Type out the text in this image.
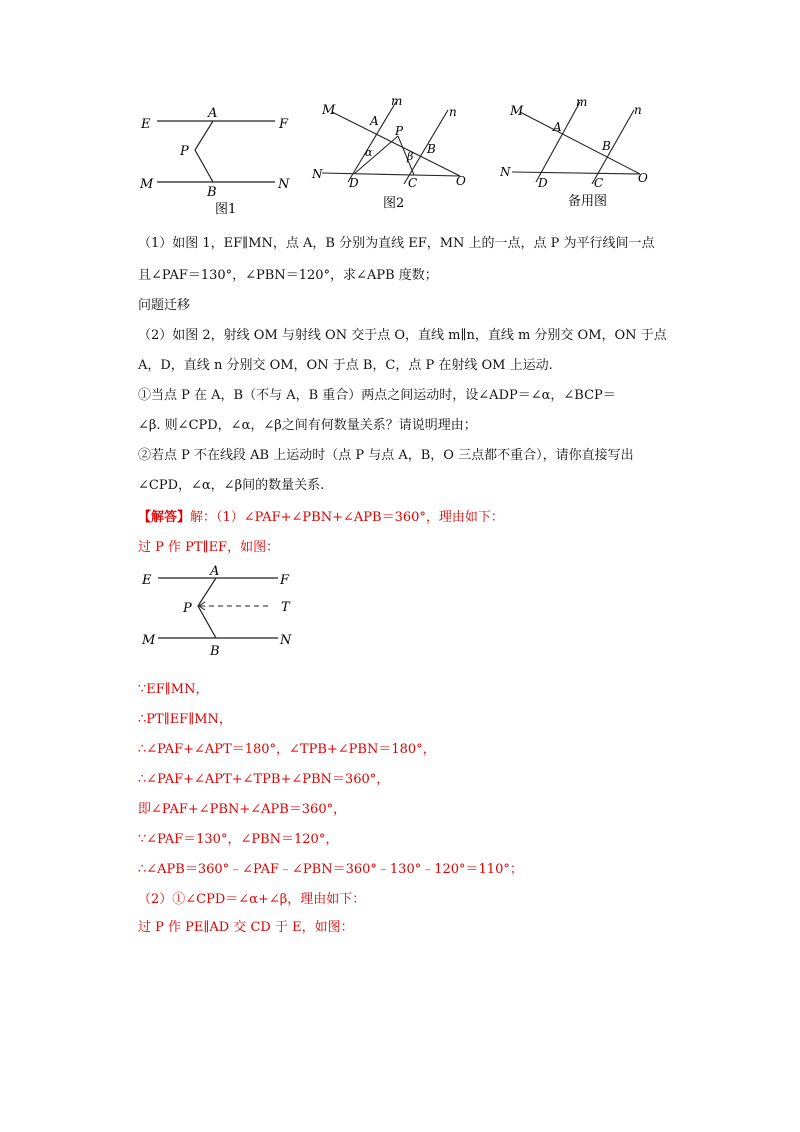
E	F
A
P
M
B
N
图1
M
m
n
A
P
B
α	β
N
D	C	O
图2
M
m
n
A
B
N
D	C	O
备用图
（1）如图 1，EF∥MN，点 A，B 分别为直线 EF，MN 上的一点，点 P 为平行线间一点
且∠PAF＝130°，∠PBN＝120°，求∠APB 度数；
问题迁移
（2）如图 2，射线 OM 与射线 ON 交于点 O，直线 m∥n，直线 m 分别交 OM，ON 于点
A，D，直线 n 分别交 OM，ON 于点 B，C，点 P 在射线 OM 上运动.
①当点 P 在 A，B（不与 A，B 重合）两点之间运动时，设∠ADP＝∠α，∠BCP＝
∠β. 则∠CPD，∠α，∠β之间有何数量关系？请说明理由；
②若点 P 不在线段 AB 上运动时（点 P 与点 A，B，O 三点都不重合），请你直接写出
∠CPD，∠α，∠β间的数量关系.
【解答】解：（1）∠PAF+∠PBN+∠APB＝360°，理由如下：
过 P 作 PT∥EF，如图：
E
A
F
P	T
M	N
B
∵EF∥MN，
∴PT∥EF∥MN，
∴∠PAF+∠APT＝180°，∠TPB+∠PBN＝180°，
∴∠PAF+∠APT+∠TPB+∠PBN＝360°，
即∠PAF+∠PBN+∠APB＝360°，
∵∠PAF＝130°，∠PBN＝120°，
∴∠APB＝360°﹣∠PAF﹣∠PBN＝360°﹣130°﹣120°＝110°；
（2）①∠CPD＝∠α+∠β，理由如下：
过 P 作 PE∥AD 交 CD 于 E，如图：
